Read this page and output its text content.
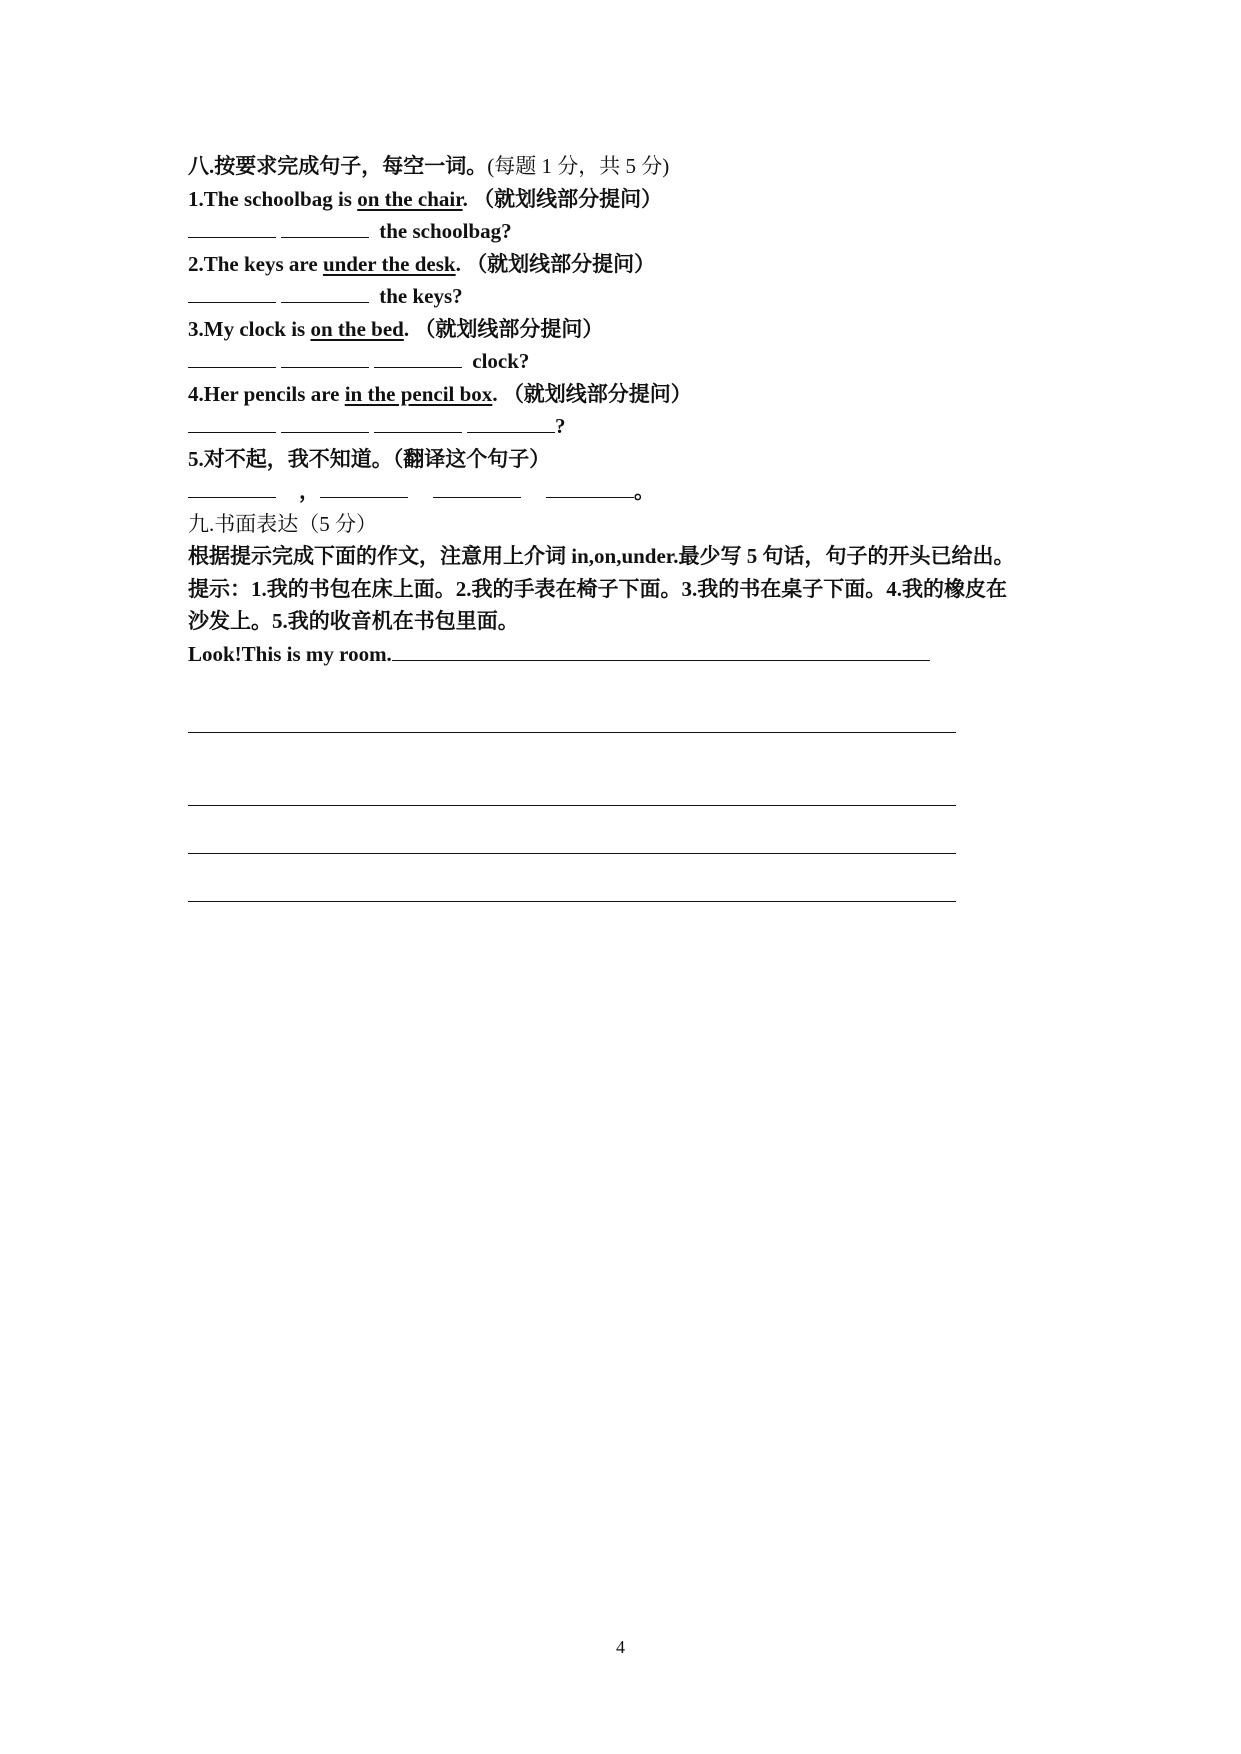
八.按要求完成句子，每空一词。(每题 1 分，共 5 分)
1.The schoolbag is on the chair. （就划线部分提问）
the schoolbag?
2.The keys are under the desk. （就划线部分提问）
the keys?
3.My clock is on the bed. （就划线部分提问）
clock?
4.Her pencils are in the pencil box. （就划线部分提问）
?
5.对不起，我不知道。（翻译这个句子）
，	。
九.书面表达（5 分）
根据提示完成下面的作文，注意用上介词 in,on,under.最少写 5 句话，句子的开头已给出。
提示：1.我的书包在床上面。2.我的手表在椅子下面。3.我的书在桌子下面。4.我的橡皮在
沙发上。5.我的收音机在书包里面。
Look!This is my room.
4
